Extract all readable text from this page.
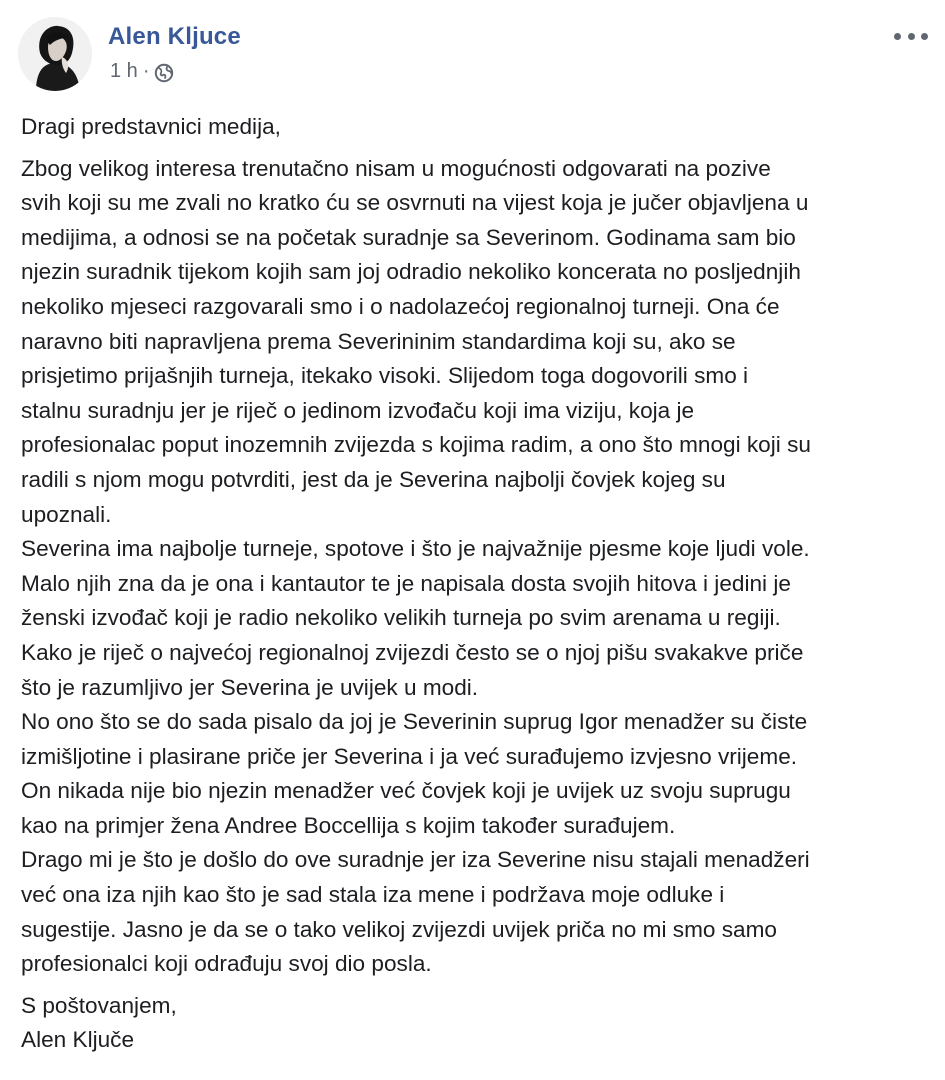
Alen Kljuce
1 h ·

Dragi predstavnici medija,

Zbog velikog interesa trenutačno nisam u mogućnosti odgovarati na pozive
svih koji su me zvali no kratko ću se osvrnuti na vijest koja je jučer objavljena u
medijima, a odnosi se na početak suradnje sa Severinom. Godinama sam bio
njezin suradnik tijekom kojih sam joj odradio nekoliko koncerata no posljednjih
nekoliko mjeseci razgovarali smo i o nadolazećoj regionalnoj turneji. Ona će
naravno biti napravljena prema Severininim standardima koji su, ako se
prisjetimo prijašnjih turneja, itekako visoki. Slijedom toga dogovorili smo i
stalnu suradnju jer je riječ o jedinom izvođaču koji ima viziju, koja je
profesionalac poput inozemnih zvijezda s kojima radim, a ono što mnogi koji su
radili s njom mogu potvrditi, jest da je Severina najbolji čovjek kojeg su
upoznali.
Severina ima najbolje turneje, spotove i što je najvažnije pjesme koje ljudi vole.
Malo njih zna da je ona i kantautor te je napisala dosta svojih hitova i jedini je
ženski izvođač koji je radio nekoliko velikih turneja po svim arenama u regiji.
Kako je riječ o najvećoj regionalnoj zvijezdi često se o njoj pišu svakakve priče
što je razumljivo jer Severina je uvijek u modi.
No ono što se do sada pisalo da joj je Severinin suprug Igor menadžer su čiste
izmišljotine i plasirane priče jer Severina i ja već surađujemo izvjesno vrijeme.
On nikada nije bio njezin menadžer već čovjek koji je uvijek uz svoju suprugu
kao na primjer žena Andree Boccellija s kojim također surađujem.
Drago mi je što je došlo do ove suradnje jer iza Severine nisu stajali menadžeri
već ona iza njih kao što je sad stala iza mene i podržava moje odluke i
sugestije. Jasno je da se o tako velikoj zvijezdi uvijek priča no mi smo samo
profesionalci koji odrađuju svoj dio posla.

S poštovanjem,
Alen Ključe
